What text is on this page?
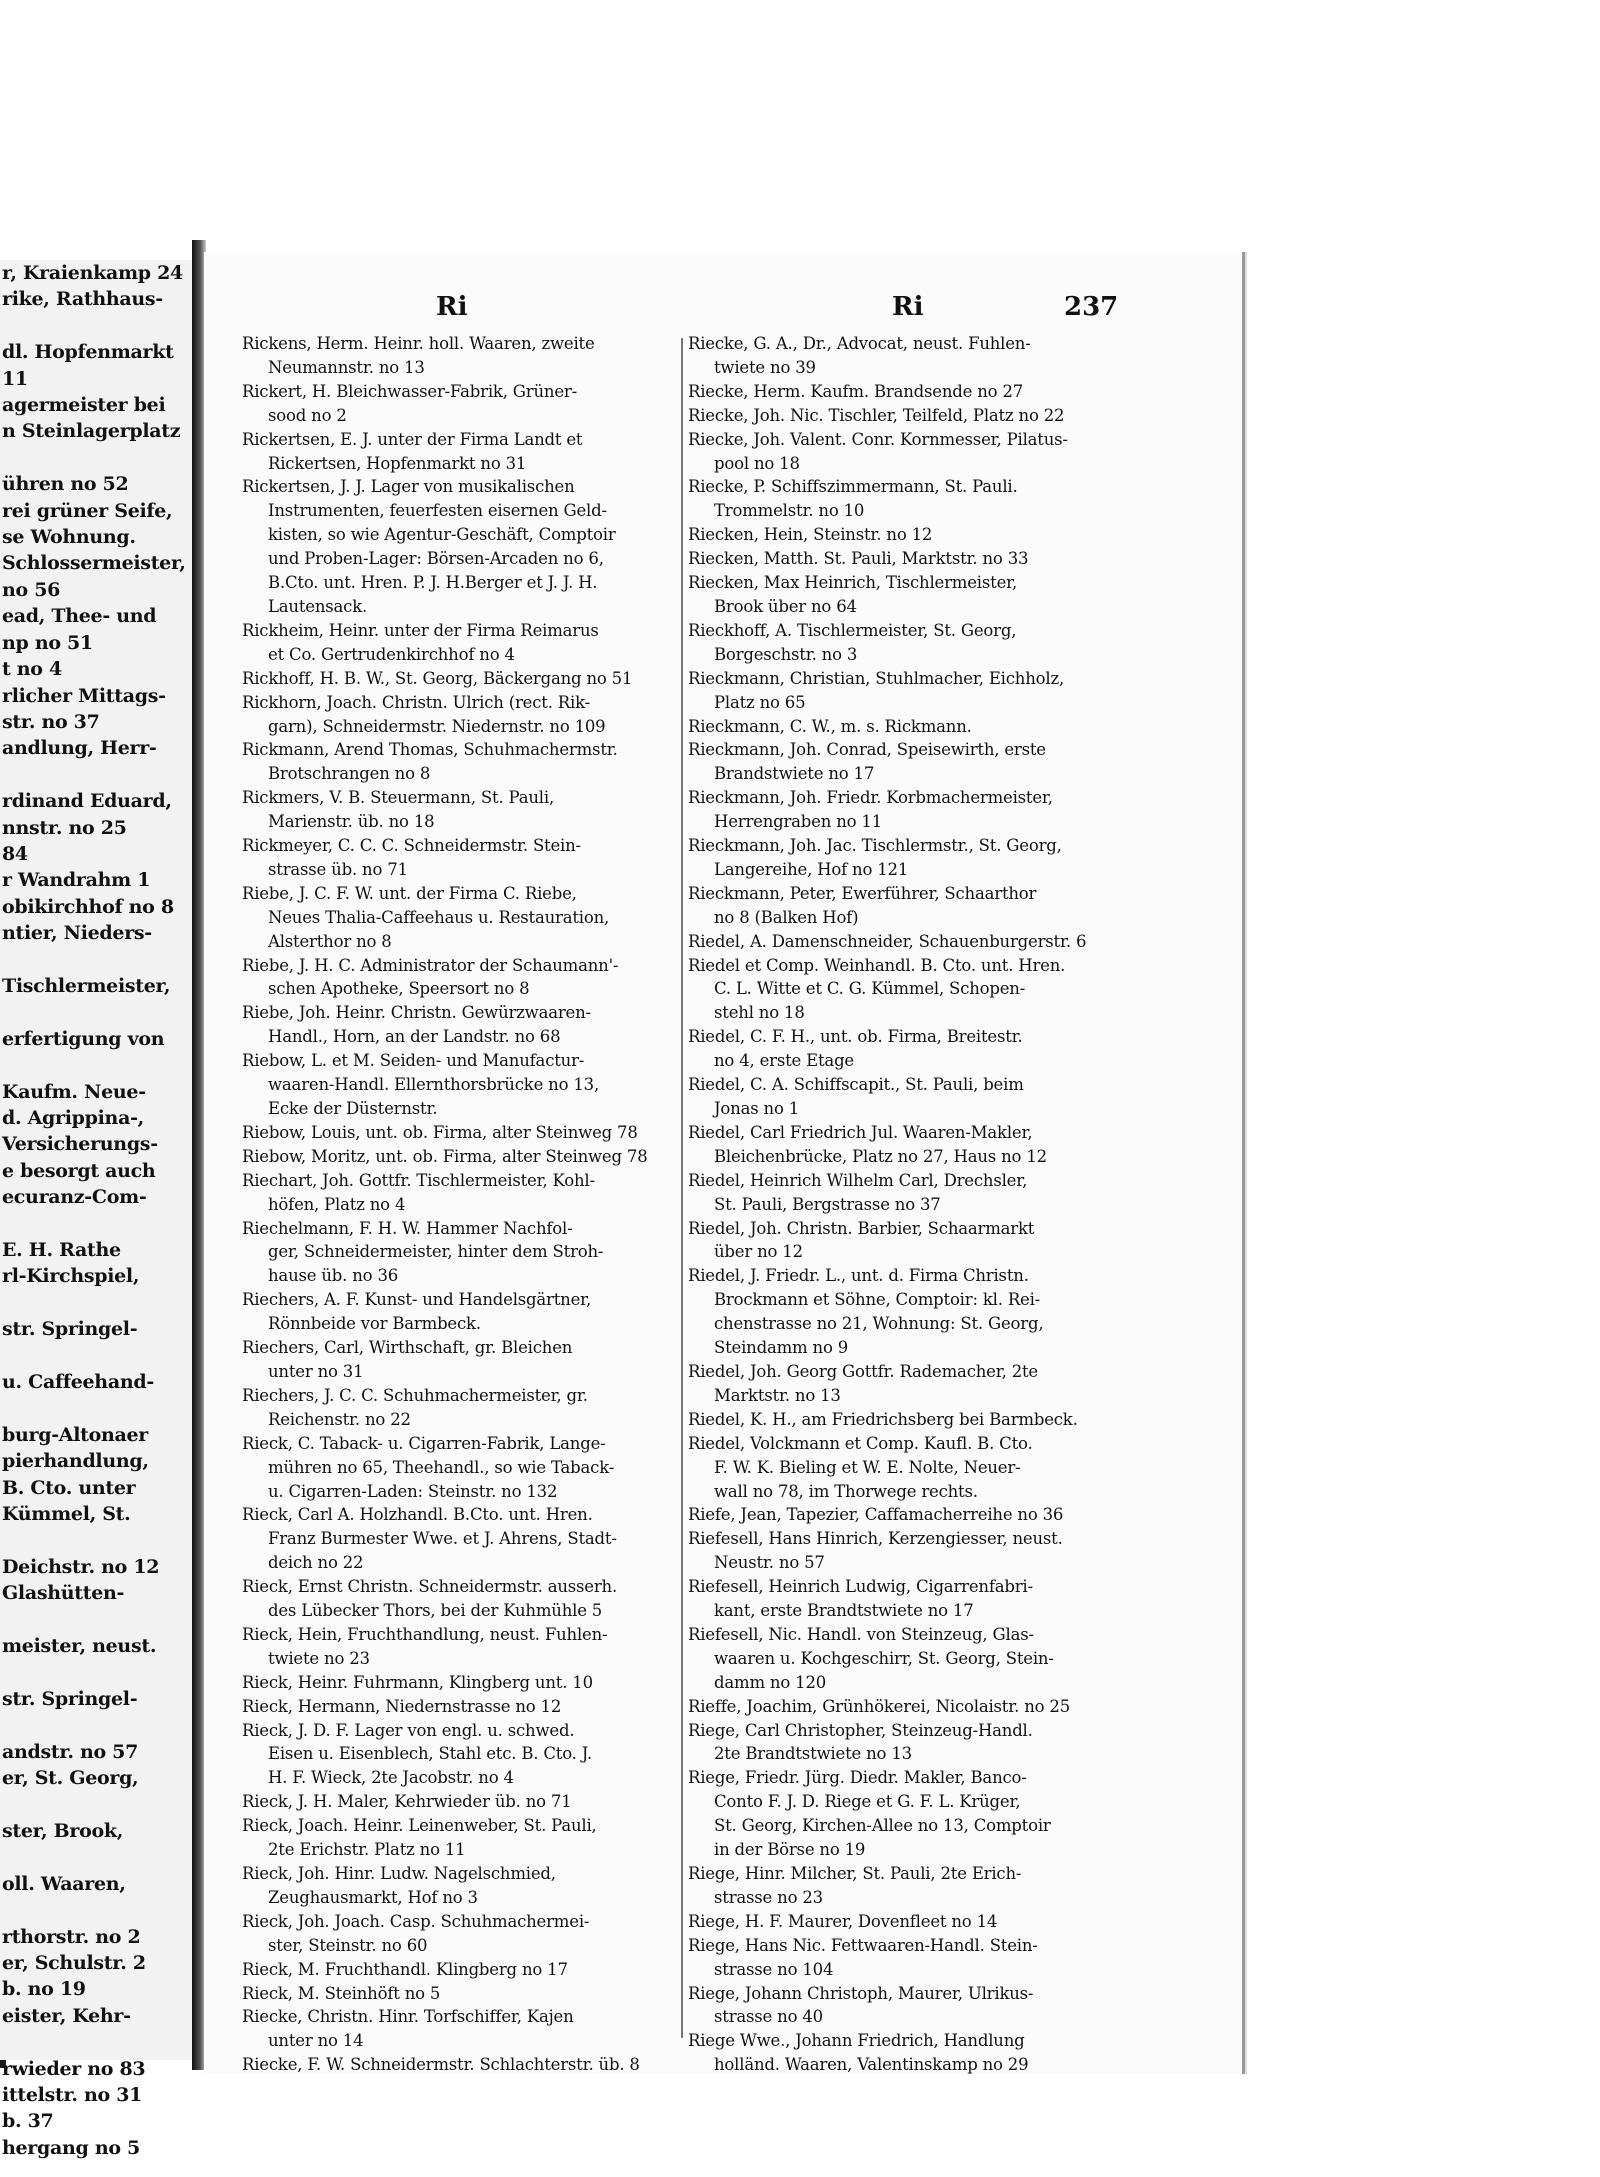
r, Kraienkamp 24
rike, Rathhaus-

dl. Hopfenmarkt
11
agermeister bei
n Steinlagerplatz

ühren no 52
rei grüner Seife,
se Wohnung.
Schlossermeister,
no 56
ead, Thee- und
np no 51
t no 4
rlicher Mittags-
str. no 37
andlung, Herr-

rdinand Eduard,
nnstr. no 25
84
r Wandrahm 1
obikirchhof no 8
ntier, Nieders-

Tischlermeister,

erfertigung von

Kaufm. Neue-
d. Agrippina-,
Versicherungs-
e besorgt auch
ecuranz-Com-

E. H. Rathe
rl-Kirchspiel,

str. Springel-

u. Caffeehand-

burg-Altonaer
pierhandlung,
B. Cto. unter
Kümmel, St.

Deichstr. no 12
Glashütten-

meister, neust.

str. Springel-

andstr. no 57
er, St. Georg,

ster, Brook,

oll. Waaren,

rthorstr. no 2
er, Schulstr. 2
b. no 19
eister, Kehr-

rwieder no 83
ittelstr. no 31
b. 37
hergang no 5
Ri	Ri	237
Rickens, Herm. Heinr. holl. Waaren, zweite
Neumannstr. no 13
Rickert, H. Bleichwasser-Fabrik, Grüner-
sood no 2
Rickertsen, E. J. unter der Firma Landt et
Rickertsen, Hopfenmarkt no 31
Rickertsen, J. J. Lager von musikalischen
Instrumenten, feuerfesten eisernen Geld-
kisten, so wie Agentur-Geschäft, Comptoir
und Proben-Lager: Börsen-Arcaden no 6,
B.Cto. unt. Hren. P. J. H.Berger et J. J. H.
Lautensack.
Rickheim, Heinr. unter der Firma Reimarus
et Co. Gertrudenkirchhof no 4
Rickhoff, H. B. W., St. Georg, Bäckergang no 51
Rickhorn, Joach. Christn. Ulrich (rect. Rik-
garn), Schneidermstr. Niedernstr. no 109
Rickmann, Arend Thomas, Schuhmachermstr.
Brotschrangen no 8
Rickmers, V. B. Steuermann, St. Pauli,
Marienstr. üb. no 18
Rickmeyer, C. C. C. Schneidermstr. Stein-
strasse üb. no 71
Riebe, J. C. F. W. unt. der Firma C. Riebe,
Neues Thalia-Caffeehaus u. Restauration,
Alsterthor no 8
Riebe, J. H. C. Administrator der Schaumann'-
schen Apotheke, Speersort no 8
Riebe, Joh. Heinr. Christn. Gewürzwaaren-
Handl., Horn, an der Landstr. no 68
Riebow, L. et M. Seiden- und Manufactur-
waaren-Handl. Ellernthorsbrücke no 13,
Ecke der Düsternstr.
Riebow, Louis, unt. ob. Firma, alter Steinweg 78
Riebow, Moritz, unt. ob. Firma, alter Steinweg 78
Riechart, Joh. Gottfr. Tischlermeister, Kohl-
höfen, Platz no 4
Riechelmann, F. H. W. Hammer Nachfol-
ger, Schneidermeister, hinter dem Stroh-
hause üb. no 36
Riechers, A. F. Kunst- und Handelsgärtner,
Rönnbeide vor Barmbeck.
Riechers, Carl, Wirthschaft, gr. Bleichen
unter no 31
Riechers, J. C. C. Schuhmachermeister, gr.
Reichenstr. no 22
Rieck, C. Taback- u. Cigarren-Fabrik, Lange-
mühren no 65, Theehandl., so wie Taback-
u. Cigarren-Laden: Steinstr. no 132
Rieck, Carl A. Holzhandl. B.Cto. unt. Hren.
Franz Burmester Wwe. et J. Ahrens, Stadt-
deich no 22
Rieck, Ernst Christn. Schneidermstr. ausserh.
des Lübecker Thors, bei der Kuhmühle 5
Rieck, Hein, Fruchthandlung, neust. Fuhlen-
twiete no 23
Rieck, Heinr. Fuhrmann, Klingberg unt. 10
Rieck, Hermann, Niedernstrasse no 12
Rieck, J. D. F. Lager von engl. u. schwed.
Eisen u. Eisenblech, Stahl etc. B. Cto. J.
H. F. Wieck, 2te Jacobstr. no 4
Rieck, J. H. Maler, Kehrwieder üb. no 71
Rieck, Joach. Heinr. Leinenweber, St. Pauli,
2te Erichstr. Platz no 11
Rieck, Joh. Hinr. Ludw. Nagelschmied,
Zeughausmarkt, Hof no 3
Rieck, Joh. Joach. Casp. Schuhmachermei-
ster, Steinstr. no 60
Rieck, M. Fruchthandl. Klingberg no 17
Rieck, M. Steinhöft no 5
Riecke, Christn. Hinr. Torfschiffer, Kajen
unter no 14
Riecke, F. W. Schneidermstr. Schlachterstr. üb. 8
Riecke, G. A., Dr., Advocat, neust. Fuhlen-
twiete no 39
Riecke, Herm. Kaufm. Brandsende no 27
Riecke, Joh. Nic. Tischler, Teilfeld, Platz no 22
Riecke, Joh. Valent. Conr. Kornmesser, Pilatus-
pool no 18
Riecke, P. Schiffszimmermann, St. Pauli.
Trommelstr. no 10
Riecken, Hein, Steinstr. no 12
Riecken, Matth. St. Pauli, Marktstr. no 33
Riecken, Max Heinrich, Tischlermeister,
Brook über no 64
Rieckhoff, A. Tischlermeister, St. Georg,
Borgeschstr. no 3
Rieckmann, Christian, Stuhlmacher, Eichholz,
Platz no 65
Rieckmann, C. W., m. s. Rickmann.
Rieckmann, Joh. Conrad, Speisewirth, erste
Brandstwiete no 17
Rieckmann, Joh. Friedr. Korbmachermeister,
Herrengraben no 11
Rieckmann, Joh. Jac. Tischlermstr., St. Georg,
Langereihe, Hof no 121
Rieckmann, Peter, Ewerführer, Schaarthor
no 8 (Balken Hof)
Riedel, A. Damenschneider, Schauenburgerstr. 6
Riedel et Comp. Weinhandl. B. Cto. unt. Hren.
C. L. Witte et C. G. Kümmel, Schopen-
stehl no 18
Riedel, C. F. H., unt. ob. Firma, Breitestr.
no 4, erste Etage
Riedel, C. A. Schiffscapit., St. Pauli, beim
Jonas no 1
Riedel, Carl Friedrich Jul. Waaren-Makler,
Bleichenbrücke, Platz no 27, Haus no 12
Riedel, Heinrich Wilhelm Carl, Drechsler,
St. Pauli, Bergstrasse no 37
Riedel, Joh. Christn. Barbier, Schaarmarkt
über no 12
Riedel, J. Friedr. L., unt. d. Firma Christn.
Brockmann et Söhne, Comptoir: kl. Rei-
chenstrasse no 21, Wohnung: St. Georg,
Steindamm no 9
Riedel, Joh. Georg Gottfr. Rademacher, 2te
Marktstr. no 13
Riedel, K. H., am Friedrichsberg bei Barmbeck.
Riedel, Volckmann et Comp. Kaufl. B. Cto.
F. W. K. Bieling et W. E. Nolte, Neuer-
wall no 78, im Thorwege rechts.
Riefe, Jean, Tapezier, Caffamacherreihe no 36
Riefesell, Hans Hinrich, Kerzengiesser, neust.
Neustr. no 57
Riefesell, Heinrich Ludwig, Cigarrenfabri-
kant, erste Brandtstwiete no 17
Riefesell, Nic. Handl. von Steinzeug, Glas-
waaren u. Kochgeschirr, St. Georg, Stein-
damm no 120
Rieffe, Joachim, Grünhökerei, Nicolaistr. no 25
Riege, Carl Christopher, Steinzeug-Handl.
2te Brandtstwiete no 13
Riege, Friedr. Jürg. Diedr. Makler, Banco-
Conto F. J. D. Riege et G. F. L. Krüger,
St. Georg, Kirchen-Allee no 13, Comptoir
in der Börse no 19
Riege, Hinr. Milcher, St. Pauli, 2te Erich-
strasse no 23
Riege, H. F. Maurer, Dovenfleet no 14
Riege, Hans Nic. Fettwaaren-Handl. Stein-
strasse no 104
Riege, Johann Christoph, Maurer, Ulrikus-
strasse no 40
Riege Wwe., Johann Friedrich, Handlung
holländ. Waaren, Valentinskamp no 29
